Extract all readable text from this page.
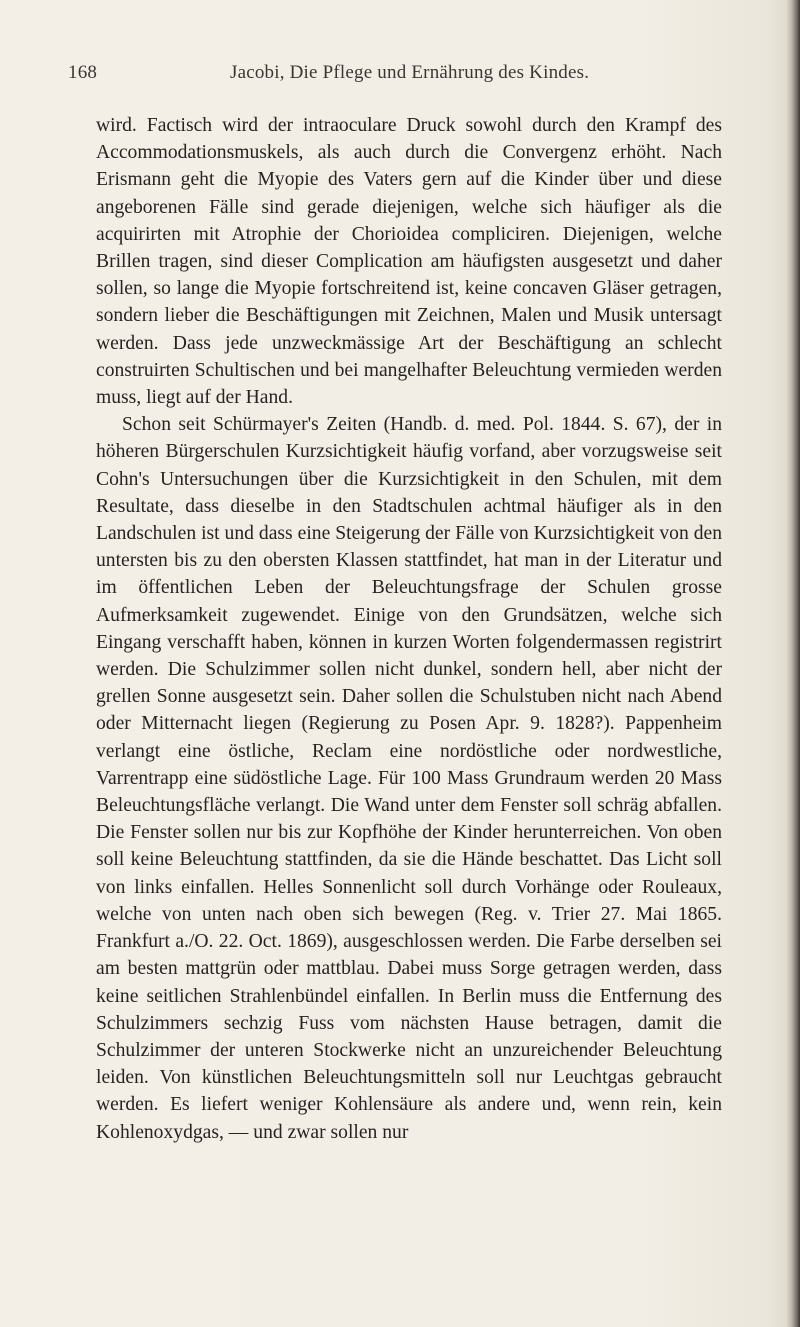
168	Jacobi, Die Pflege und Ernährung des Kindes.

wird. Factisch wird der intraoculare Druck sowohl durch den Krampf des Accommodationsmuskels, als auch durch die Convergenz erhöht. Nach Erismann geht die Myopie des Vaters gern auf die Kinder über und diese angeborenen Fälle sind gerade diejenigen, welche sich häufiger als die acquirirten mit Atrophie der Chorioidea compliciren. Diejenigen, welche Brillen tragen, sind dieser Complication am häufigsten ausgesetzt und daher sollen, so lange die Myopie fortschreitend ist, keine concaven Gläser getragen, sondern lieber die Beschäftigungen mit Zeichnen, Malen und Musik untersagt werden. Dass jede unzweckmässige Art der Beschäftigung an schlecht construirten Schultischen und bei mangelhafter Beleuchtung vermieden werden muss, liegt auf der Hand.

Schon seit Schürmayer's Zeiten (Handb. d. med. Pol. 1844. S. 67), der in höheren Bürgerschulen Kurzsichtigkeit häufig vorfand, aber vorzugsweise seit Cohn's Untersuchungen über die Kurzsichtigkeit in den Schulen, mit dem Resultate, dass dieselbe in den Stadtschulen achtmal häufiger als in den Landschulen ist und dass eine Steigerung der Fälle von Kurzsichtigkeit von den untersten bis zu den obersten Klassen stattfindet, hat man in der Literatur und im öffentlichen Leben der Beleuchtungsfrage der Schulen grosse Aufmerksamkeit zugewendet. Einige von den Grundsätzen, welche sich Eingang verschafft haben, können in kurzen Worten folgendermassen registrirt werden. Die Schulzimmer sollen nicht dunkel, sondern hell, aber nicht der grellen Sonne ausgesetzt sein. Daher sollen die Schulstuben nicht nach Abend oder Mitternacht liegen (Regierung zu Posen Apr. 9. 1828?). Pappenheim verlangt eine östliche, Reclam eine nordöstliche oder nordwestliche, Varrentrapp eine südöstliche Lage. Für 100 Mass Grundraum werden 20 Mass Beleuchtungsfläche verlangt. Die Wand unter dem Fenster soll schräg abfallen. Die Fenster sollen nur bis zur Kopfhöhe der Kinder herunterreichen. Von oben soll keine Beleuchtung stattfinden, da sie die Hände beschattet. Das Licht soll von links einfallen. Helles Sonnenlicht soll durch Vorhänge oder Rouleaux, welche von unten nach oben sich bewegen (Reg. v. Trier 27. Mai 1865. Frankfurt a./O. 22. Oct. 1869), ausgeschlossen werden. Die Farbe derselben sei am besten mattgrün oder mattblau. Dabei muss Sorge getragen werden, dass keine seitlichen Strahlenbündel einfallen. In Berlin muss die Entfernung des Schulzimmers sechzig Fuss vom nächsten Hause betragen, damit die Schulzimmer der unteren Stockwerke nicht an unzureichender Beleuchtung leiden. Von künstlichen Beleuchtungsmitteln soll nur Leuchtgas gebraucht werden. Es liefert weniger Kohlensäure als andere und, wenn rein, kein Kohlenoxydgas, — und zwar sollen nur
